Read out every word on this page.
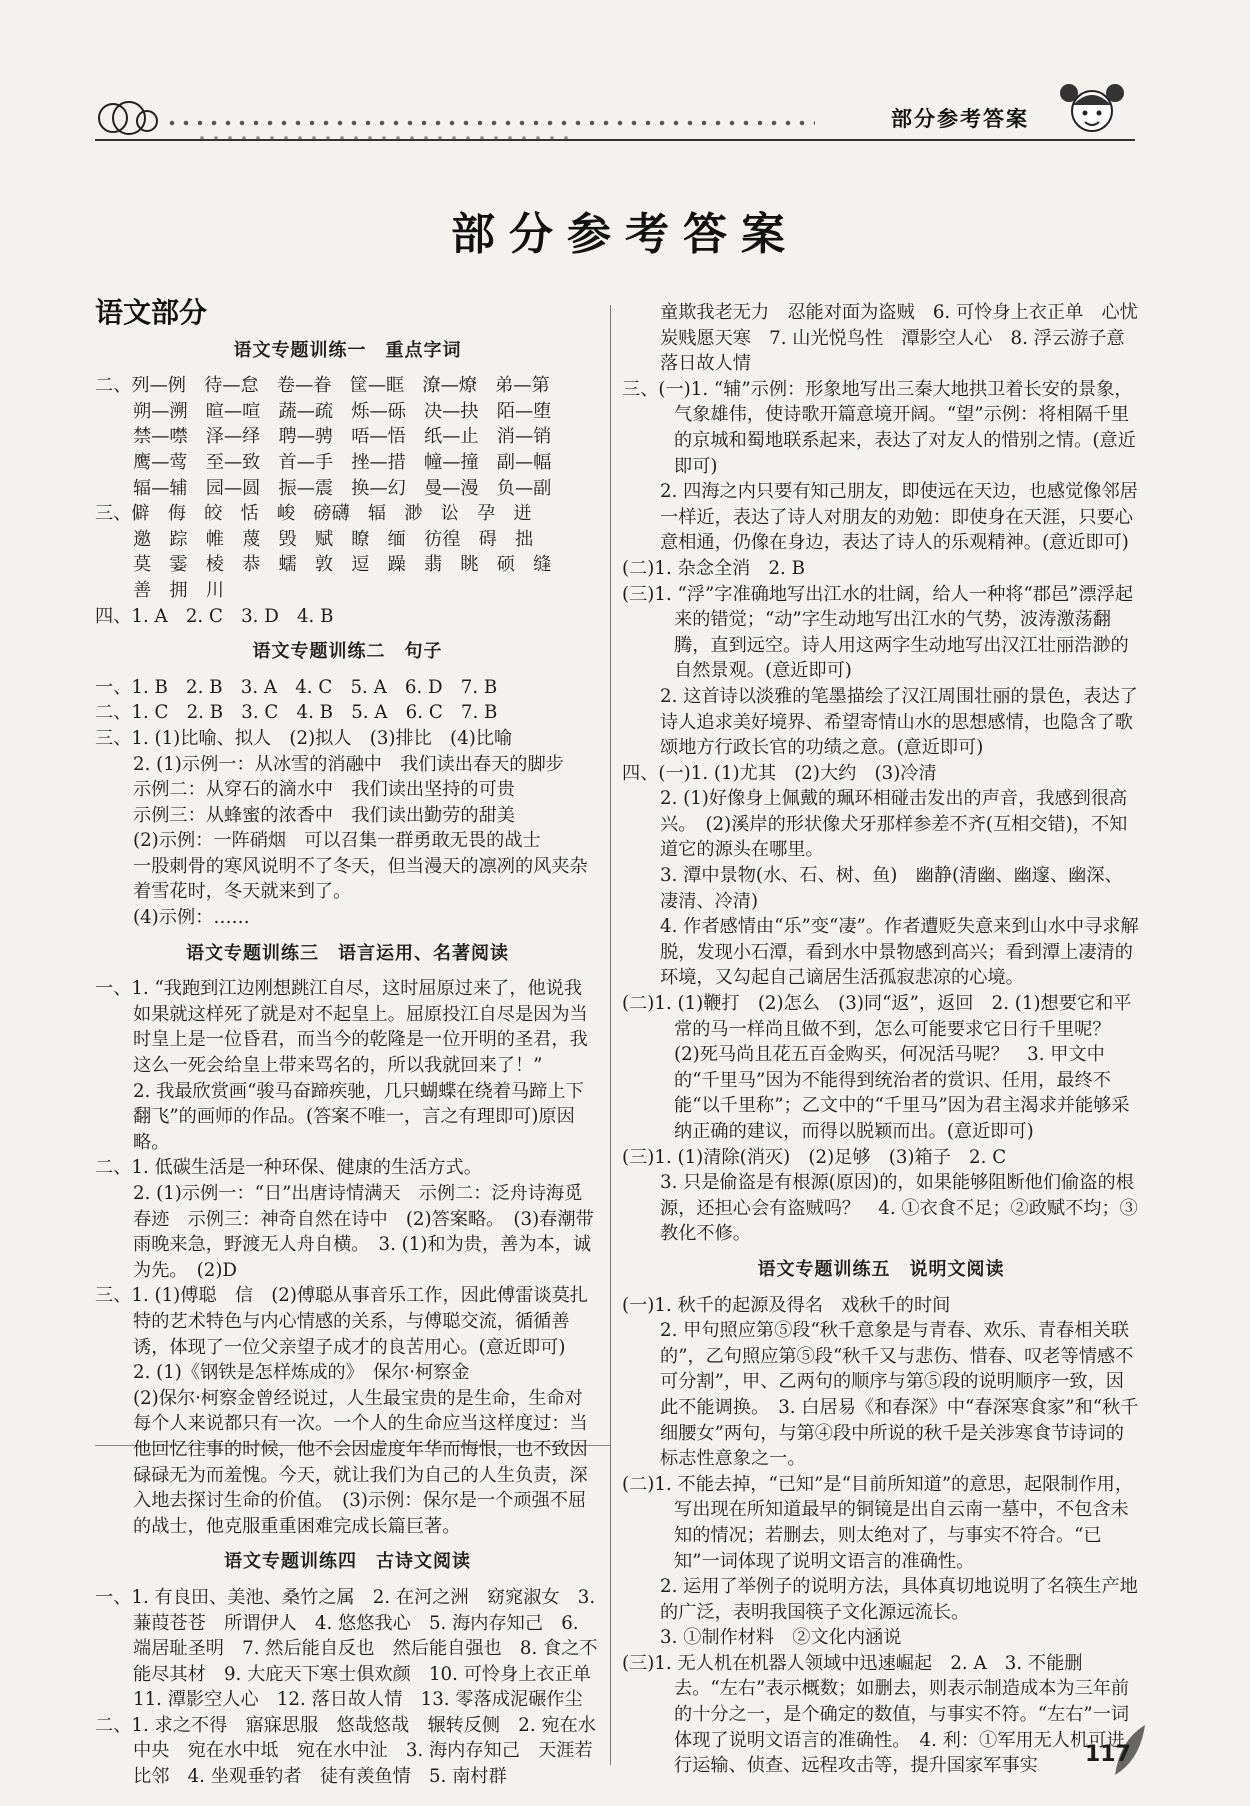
部分参考答案
部分参考答案
语文部分
语文专题训练一　重点字词

二、列—例　待—怠　卷—眷　筐—眶　潦—燎　弟—第

朔—溯　暄—喧　蔬—疏　烁—砾　决—抉　陌—堕

禁—噤　泽—绎　聘—骋　唔—悟　纸—止　消—销

鹰—莺　至—致　首—手　挫—措　幢—撞　副—幅

辐—辅　园—圆　振—震　换—幻　曼—漫　负—副

三、僻　侮　皎　恬　峻　磅礴　辐　渺　讼　孕　迸

邀　踪　帷　蔑　毁　赋　瞭　缅　彷徨　碍　拙

莫　霎　棱　恭　蠕　敦　逗　躁　翡　眺　硕　缝

善　拥　川

四、1. A　2. C　3. D　4. B

语文专题训练二　句子

一、1. B　2. B　3. A　4. C　5. A　6. D　7. B

二、1. C　2. B　3. C　4. B　5. A　6. C　7. B

三、1. (1)比喻、拟人　(2)拟人　(3)排比　(4)比喻

2. (1)示例一：从冰雪的消融中　我们读出春天的脚步

示例二：从穿石的滴水中　我们读出坚持的可贵

示例三：从蜂蜜的浓香中　我们读出勤劳的甜美

(2)示例：一阵硝烟　可以召集一群勇敢无畏的战士

一股刺骨的寒风说明不了冬天，但当漫天的凛冽的风夹杂着雪花时，冬天就来到了。

(4)示例：……

语文专题训练三　语言运用、名著阅读

一、1. “我跑到江边刚想跳江自尽，这时屈原过来了，他说我如果就这样死了就是对不起皇上。屈原投江自尽是因为当时皇上是一位昏君，而当今的乾隆是一位开明的圣君，我这么一死会给皇上带来骂名的，所以我就回来了！”

2. 我最欣赏画“骏马奋蹄疾驰，几只蝴蝶在绕着马蹄上下翻飞”的画师的作品。(答案不唯一，言之有理即可)原因略。

二、1. 低碳生活是一种环保、健康的生活方式。

2. (1)示例一：“日”出唐诗情满天　示例二：泛舟诗海觅春迹　示例三：神奇自然在诗中　(2)答案略。　(3)春潮带雨晚来急，野渡无人舟自横。　3. (1)和为贵，善为本，诚为先。　(2)D

三、1. (1)傅聪　信　(2)傅聪从事音乐工作，因此傅雷谈莫扎特的艺术特色与内心情感的关系，与傅聪交流，循循善诱，体现了一位父亲望子成才的良苦用心。(意近即可)　2. (1)《钢铁是怎样炼成的》　保尔·柯察金

(2)保尔·柯察金曾经说过，人生最宝贵的是生命，生命对每个人来说都只有一次。一个人的生命应当这样度过：当他回忆往事的时候，他不会因虚度年华而悔恨，也不致因碌碌无为而羞愧。今天，就让我们为自己的人生负责，深入地去探讨生命的价值。　(3)示例：保尔是一个顽强不屈的战士，他克服重重困难完成长篇巨著。

语文专题训练四　古诗文阅读

一、1. 有良田、美池、桑竹之属　2. 在河之洲　窈窕淑女　3. 蒹葭苍苍　所谓伊人　4. 悠悠我心　5. 海内存知己　6. 端居耻圣明　7. 然后能自反也　然后能自强也　8. 食之不能尽其材　9. 大庇天下寒士俱欢颜　10. 可怜身上衣正单　11. 潭影空人心　12. 落日故人情　13. 零落成泥碾作尘

二、1. 求之不得　寤寐思服　悠哉悠哉　辗转反侧　2. 宛在水中央　宛在水中坻　宛在水中沚　3. 海内存知己　天涯若比邻　4. 坐观垂钓者　徒有羡鱼情　5. 南村群

童欺我老无力　忍能对面为盗贼　6. 可怜身上衣正单　心忧炭贱愿天寒　7. 山光悦鸟性　潭影空人心　8. 浮云游子意　落日故人情

三、(一)1. “辅”示例：形象地写出三秦大地拱卫着长安的景象，气象雄伟，使诗歌开篇意境开阔。“望”示例：将相隔千里的京城和蜀地联系起来，表达了对友人的惜别之情。(意近即可)

2. 四海之内只要有知己朋友，即使远在天边，也感觉像邻居一样近，表达了诗人对朋友的劝勉：即使身在天涯，只要心意相通，仍像在身边，表达了诗人的乐观精神。(意近即可)

(二)1. 杂念全消　2. B

(三)1. “浮”字准确地写出江水的壮阔，给人一种将“郡邑”漂浮起来的错觉；“动”字生动地写出江水的气势，波涛激荡翻腾，直到远空。诗人用这两字生动地写出汉江壮丽浩渺的自然景观。(意近即可)

2. 这首诗以淡雅的笔墨描绘了汉江周围壮丽的景色，表达了诗人追求美好境界、希望寄情山水的思想感情，也隐含了歌颂地方行政长官的功绩之意。(意近即可)

四、(一)1. (1)尤其　(2)大约　(3)冷清

2. (1)好像身上佩戴的珮环相碰击发出的声音，我感到很高兴。　(2)溪岸的形状像犬牙那样参差不齐(互相交错)，不知道它的源头在哪里。

3. 潭中景物(水、石、树、鱼)　幽静(清幽、幽邃、幽深、凄清、冷清)

4. 作者感情由“乐”变“凄”。作者遭贬失意来到山水中寻求解脱，发现小石潭，看到水中景物感到高兴；看到潭上凄清的环境，又勾起自己谪居生活孤寂悲凉的心境。

(二)1. (1)鞭打　(2)怎么　(3)同“返”，返回　2. (1)想要它和平常的马一样尚且做不到，怎么可能要求它日行千里呢？　(2)死马尚且花五百金购买，何况活马呢？　3. 甲文中的“千里马”因为不能得到统治者的赏识、任用，最终不能“以千里称”；乙文中的“千里马”因为君主渴求并能够采纳正确的建议，而得以脱颖而出。(意近即可)

(三)1. (1)清除(消灭)　(2)足够　(3)箱子　2. C

3. 只是偷盗是有根源(原因)的，如果能够阻断他们偷盗的根源，还担心会有盗贼吗？　4. ①衣食不足；②政赋不均；③教化不修。

语文专题训练五　说明文阅读

(一)1. 秋千的起源及得名　戏秋千的时间

2. 甲句照应第⑤段“秋千意象是与青春、欢乐、青春相关联的”，乙句照应第⑤段“秋千又与悲伤、惜春、叹老等情感不可分割”，甲、乙两句的顺序与第⑤段的说明顺序一致，因此不能调换。　3. 白居易《和春深》中“春深寒食家”和“秋千细腰女”两句，与第④段中所说的秋千是关涉寒食节诗词的标志性意象之一。

(二)1. 不能去掉，“已知”是“目前所知道”的意思，起限制作用，写出现在所知道最早的铜镜是出自云南一墓中，不包含未知的情况；若删去，则太绝对了，与事实不符合。“已知”一词体现了说明文语言的准确性。

2. 运用了举例子的说明方法，具体真切地说明了名筷生产地的广泛，表明我国筷子文化源远流长。

3. ①制作材料　②文化内涵说

(三)1. 无人机在机器人领域中迅速崛起　2. A　3. 不能删去。“左右”表示概数；如删去，则表示制造成本为三年前的十分之一，是个确定的数值，与事实不符。“左右”一词体现了说明文语言的准确性。　4. 利：①军用无人机可进行运输、侦查、远程攻击等，提升国家军事实	117
